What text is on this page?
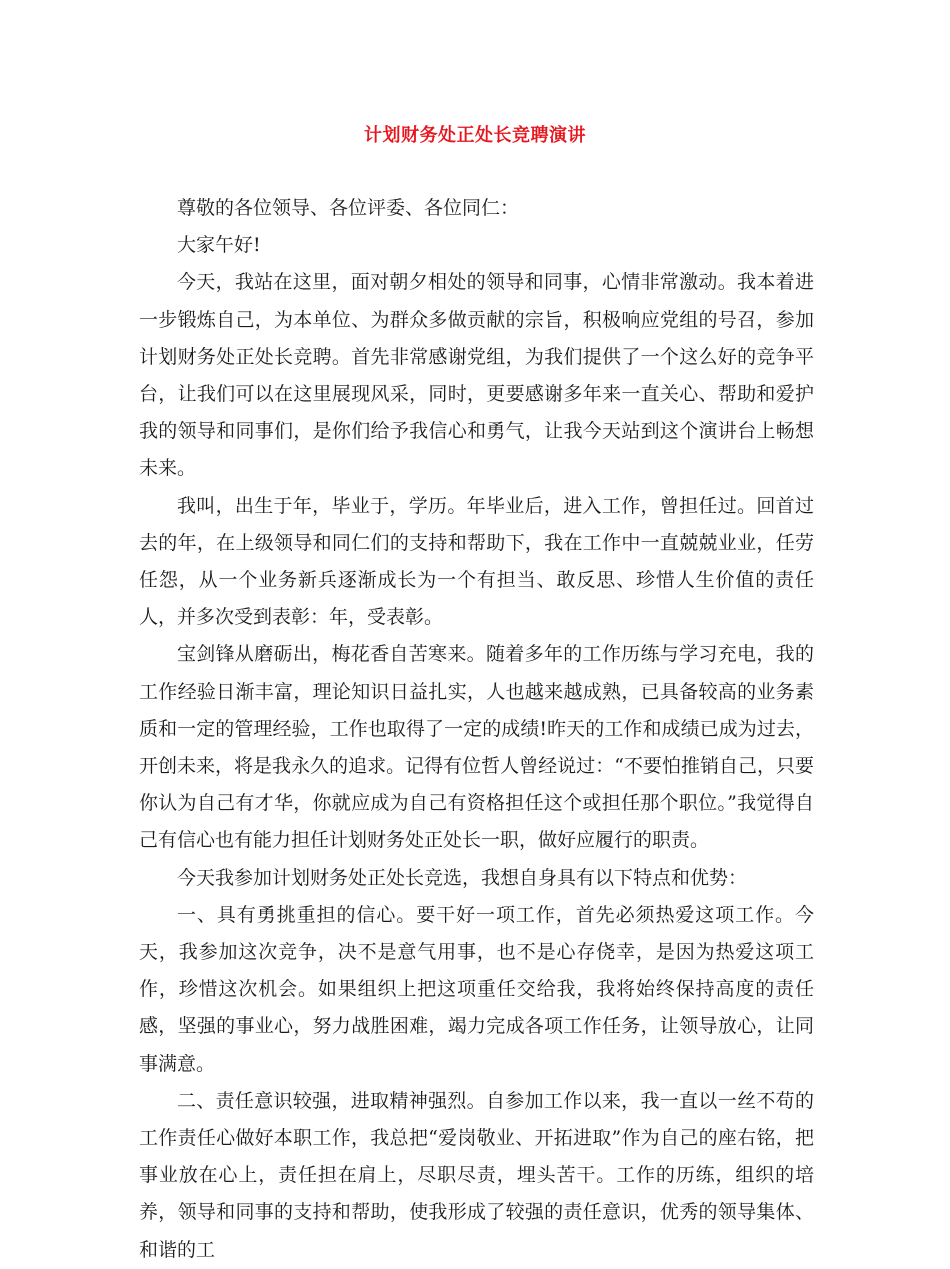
计划财务处正处长竞聘演讲

尊敬的各位领导、各位评委、各位同仁：

大家午好!

今天，我站在这里，面对朝夕相处的领导和同事，心情非常激动。我本着进一步锻炼自己，为本单位、为群众多做贡献的宗旨，积极响应党组的号召，参加计划财务处正处长竞聘。首先非常感谢党组，为我们提供了一个这么好的竞争平台，让我们可以在这里展现风采，同时，更要感谢多年来一直关心、帮助和爱护我的领导和同事们，是你们给予我信心和勇气，让我今天站到这个演讲台上畅想未来。

我叫，出生于年，毕业于，学历。年毕业后，进入工作，曾担任过。回首过去的年，在上级领导和同仁们的支持和帮助下，我在工作中一直兢兢业业，任劳任怨，从一个业务新兵逐渐成长为一个有担当、敢反思、珍惜人生价值的责任人，并多次受到表彰：年，受表彰。

宝剑锋从磨砺出，梅花香自苦寒来。随着多年的工作历练与学习充电，我的工作经验日渐丰富，理论知识日益扎实，人也越来越成熟，已具备较高的业务素质和一定的管理经验，工作也取得了一定的成绩!昨天的工作和成绩已成为过去，开创未来，将是我永久的追求。记得有位哲人曾经说过：“不要怕推销自己，只要你认为自己有才华，你就应成为自己有资格担任这个或担任那个职位。”我觉得自己有信心也有能力担任计划财务处正处长一职，做好应履行的职责。

今天我参加计划财务处正处长竞选，我想自身具有以下特点和优势：

一、具有勇挑重担的信心。要干好一项工作，首先必须热爱这项工作。今天，我参加这次竞争，决不是意气用事，也不是心存侥幸，是因为热爱这项工作，珍惜这次机会。如果组织上把这项重任交给我，我将始终保持高度的责任感，坚强的事业心，努力战胜困难，竭力完成各项工作任务，让领导放心，让同事满意。

二、责任意识较强，进取精神强烈。自参加工作以来，我一直以一丝不苟的工作责任心做好本职工作，我总把“爱岗敬业、开拓进取”作为自己的座右铭，把事业放在心上，责任担在肩上，尽职尽责，埋头苦干。工作的历练，组织的培养，领导和同事的支持和帮助，使我形成了较强的责任意识，优秀的领导集体、和谐的工
